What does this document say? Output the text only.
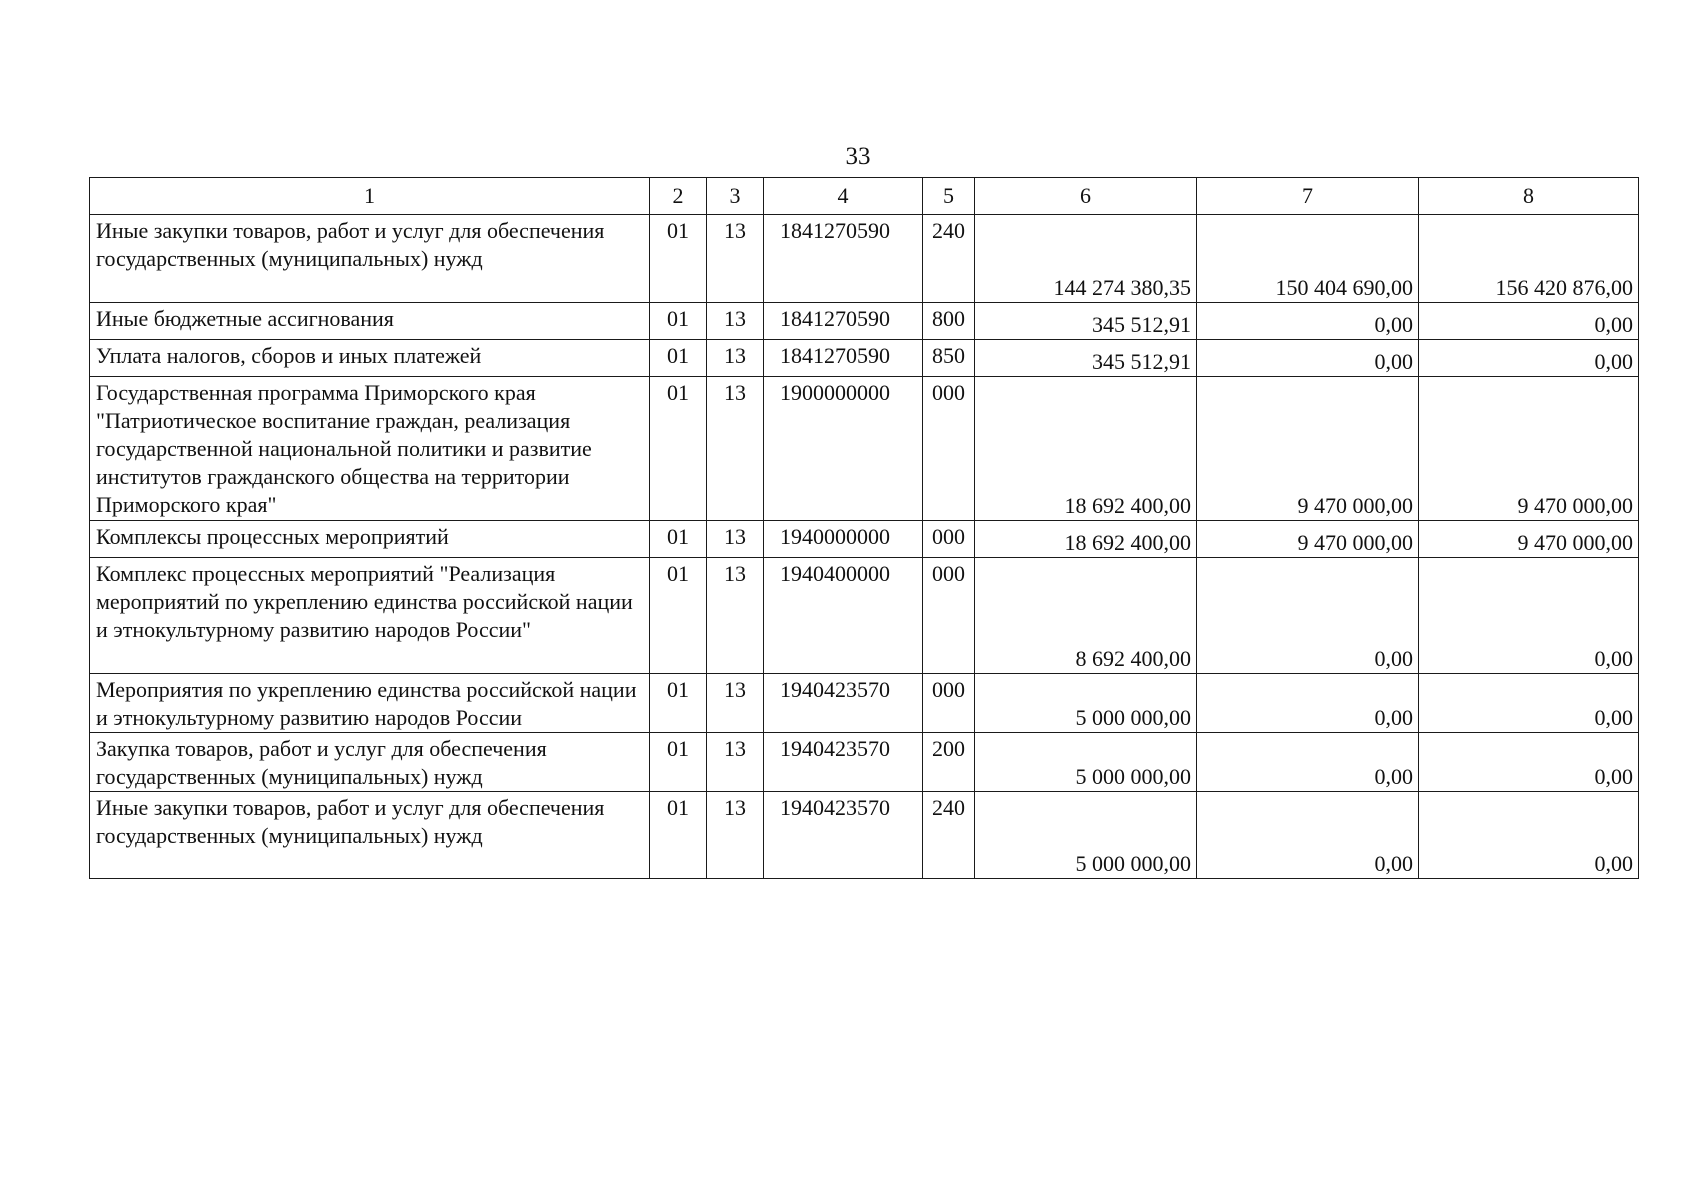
33
1	2	3	4	5	6	7	8
Иные закупки товаров, работ и услуг для обеспечения государственных (муниципальных) нужд	01	13	1841270590	240	144 274 380,35	150 404 690,00	156 420 876,00
Иные бюджетные ассигнования	01	13	1841270590	800	345 512,91	0,00	0,00
Уплата налогов, сборов и иных платежей	01	13	1841270590	850	345 512,91	0,00	0,00
Государственная программа Приморского края "Патриотическое воспитание граждан, реализация государственной национальной политики и развитие институтов гражданского общества на территории Приморского края"	01	13	1900000000	000	18 692 400,00	9 470 000,00	9 470 000,00
Комплексы процессных мероприятий	01	13	1940000000	000	18 692 400,00	9 470 000,00	9 470 000,00
Комплекс процессных мероприятий "Реализация мероприятий по укреплению единства российской нации и этнокультурному развитию народов России"	01	13	1940400000	000	8 692 400,00	0,00	0,00
Мероприятия по укреплению единства российской нации и этнокультурному развитию народов России	01	13	1940423570	000	5 000 000,00	0,00	0,00
Закупка товаров, работ и услуг для обеспечения государственных (муниципальных) нужд	01	13	1940423570	200	5 000 000,00	0,00	0,00
Иные закупки товаров, работ и услуг для обеспечения государственных (муниципальных) нужд	01	13	1940423570	240	5 000 000,00	0,00	0,00
